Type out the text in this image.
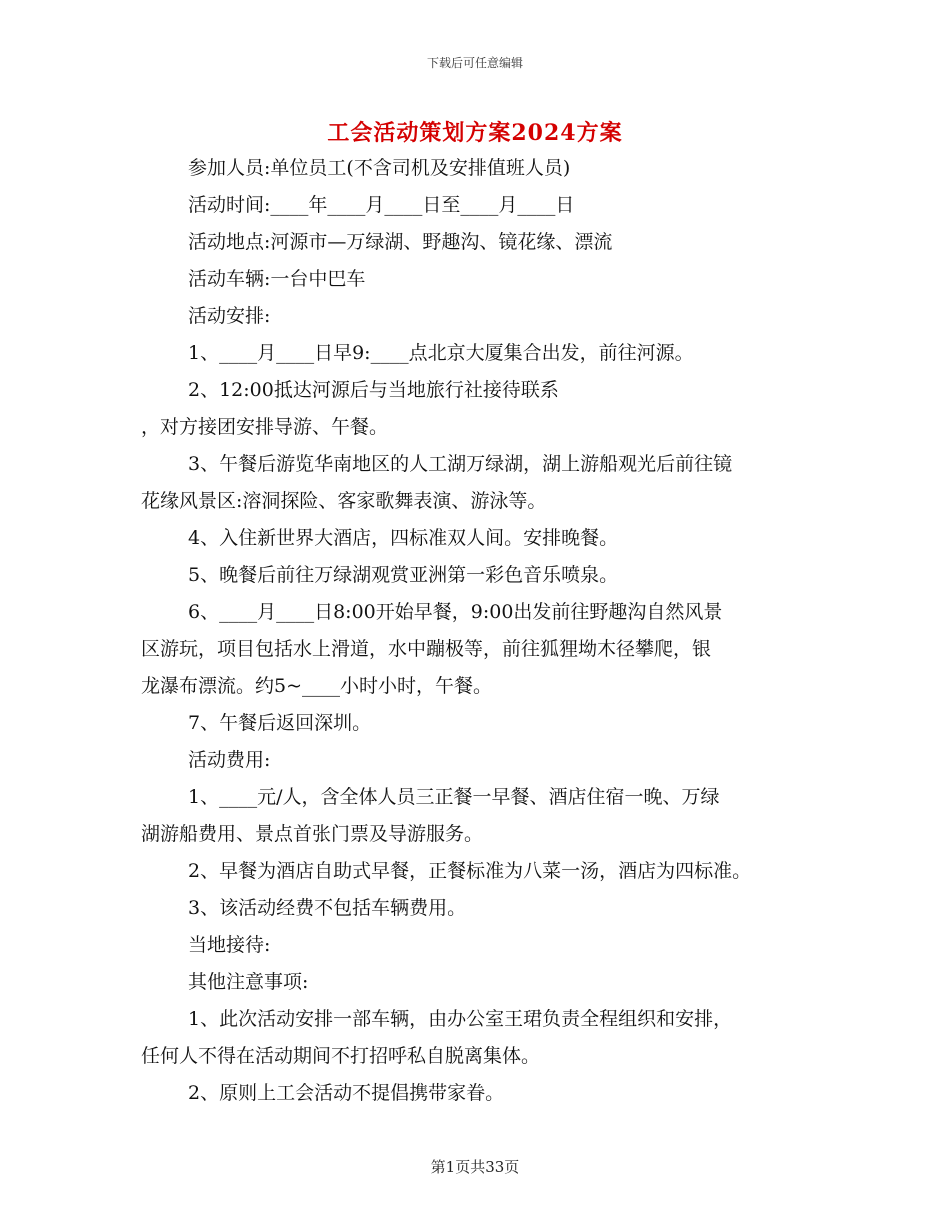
下载后可任意编辑
工会活动策划方案2024方案
参加人员:单位员工(不含司机及安排值班人员)
活动时间:____年____月____日至____月____日
活动地点:河源市—万绿湖、野趣沟、镜花缘、漂流
活动车辆:一台中巴车
活动安排:
1、____月____日早9:____点北京大厦集合出发，前往河源。
2、12:00抵达河源后与当地旅行社接待联系
，对方接团安排导游、午餐。
3、午餐后游览华南地区的人工湖万绿湖，湖上游船观光后前往镜
花缘风景区:溶洞探险、客家歌舞表演、游泳等。
4、入住新世界大酒店，四标准双人间。安排晚餐。
5、晚餐后前往万绿湖观赏亚洲第一彩色音乐喷泉。
6、____月____日8:00开始早餐，9:00出发前往野趣沟自然风景
区游玩，项目包括水上滑道，水中蹦极等，前往狐狸坳木径攀爬，银
龙瀑布漂流。约5~____小时小时，午餐。
7、午餐后返回深圳。
活动费用:
1、____元/人，含全体人员三正餐一早餐、酒店住宿一晚、万绿
湖游船费用、景点首张门票及导游服务。
2、早餐为酒店自助式早餐，正餐标准为八菜一汤，酒店为四标准。
3、该活动经费不包括车辆费用。
当地接待:
其他注意事项:
1、此次活动安排一部车辆，由办公室王珺负责全程组织和安排，
任何人不得在活动期间不打招呼私自脱离集体。
2、原则上工会活动不提倡携带家眷。
第1页共33页
